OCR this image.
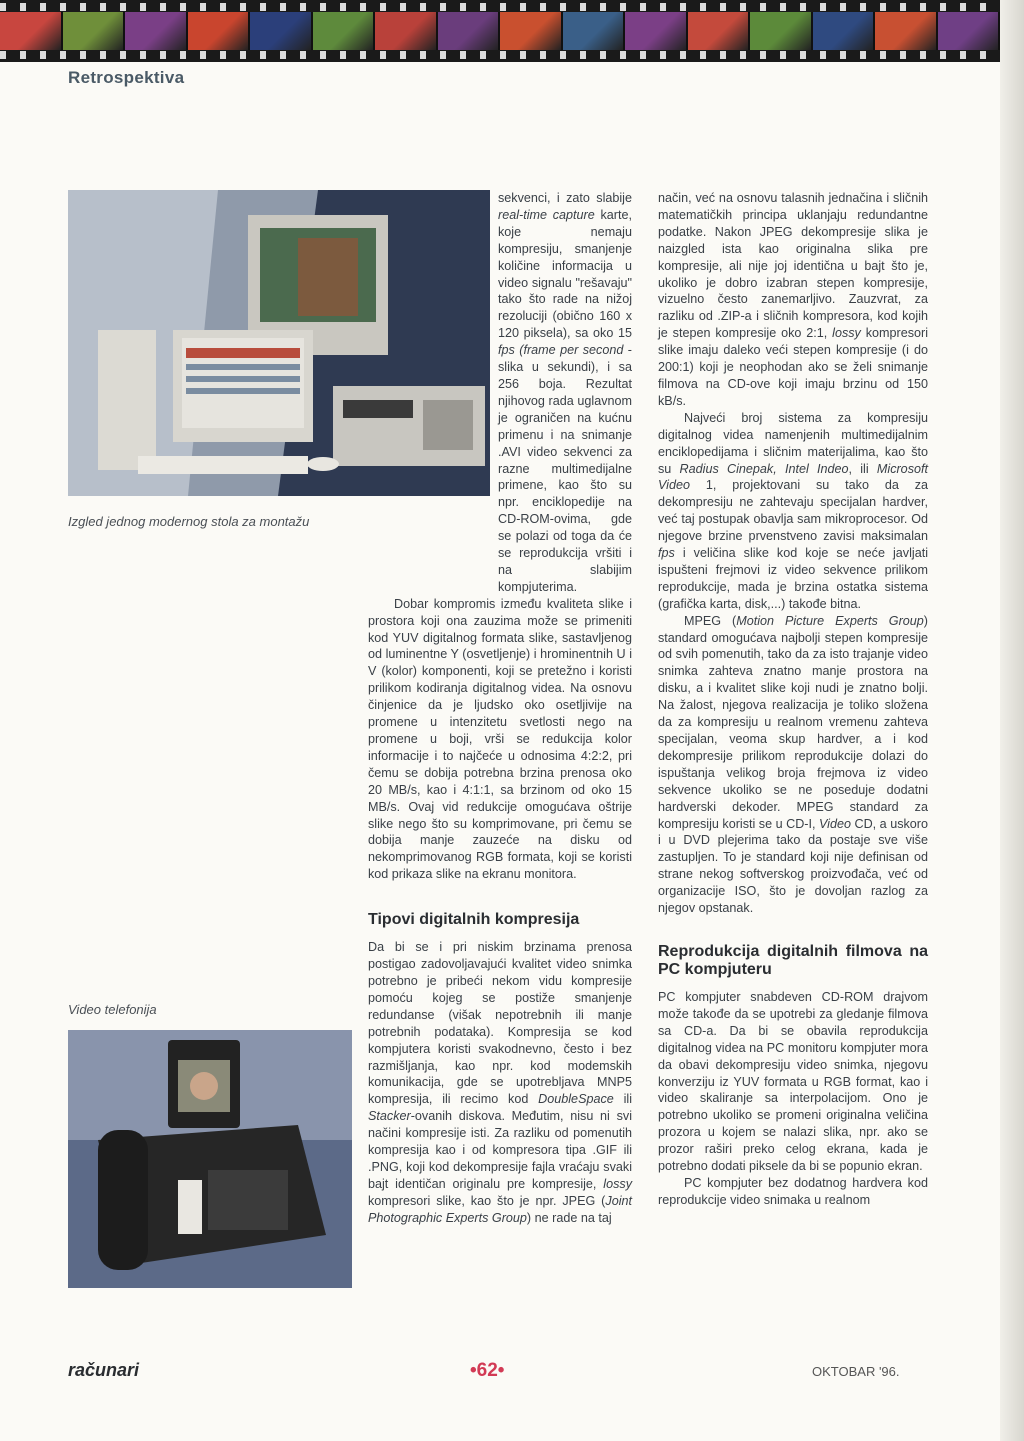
Retrospektiva
Izgled jednog modernog stola za montažu
Video telefonija

sekvenci, i zato slabije real-time capture karte, koje nemaju kompresiju, smanjenje količine informacija u video signalu "rešavaju" tako što rade na nižoj rezoluciji (obično 160 x 120 piksela), sa oko 15 fps (frame per second - slika u sekundi), i sa 256 boja. Rezultat njihovog rada uglavnom je ograničen na kućnu primenu i na snimanje .AVI video sekvenci za razne multimedijalne primene, kao što su npr. enciklopedije na CD-ROM-ovima, gde se polazi od toga da će se reprodukcija vršiti i na slabijim kompjuterima.

Dobar kompromis između kvaliteta slike i prostora koji ona zauzima može se primeniti kod YUV digitalnog formata slike, sastavljenog od luminentne Y (osvetljenje) i hrominentnih U i V (kolor) komponenti, koji se pretežno i koristi prilikom kodiranja digitalnog videa. Na osnovu činjenice da je ljudsko oko osetljivije na promene u intenzitetu svetlosti nego na promene u boji, vrši se redukcija kolor informacije i to najčeće u odnosima 4:2:2, pri čemu se dobija potrebna brzina prenosa oko 20 MB/s, kao i 4:1:1, sa brzinom od oko 15 MB/s. Ovaj vid redukcije omogućava oštrije slike nego što su komprimovane, pri čemu se dobija manje zauzeće na disku od nekomprimovanog RGB formata, koji se koristi kod prikaza slike na ekranu monitora.

Tipovi digitalnih kompresija

Da bi se i pri niskim brzinama prenosa postigao zadovoljavajući kvalitet video snimka potrebno je pribeći nekom vidu kompresije pomoću kojeg se postiže smanjenje redundanse (višak nepotrebnih ili manje potrebnih podataka). Kompresija se kod kompjutera koristi svakodnevno, često i bez razmišljanja, kao npr. kod modemskih komunikacija, gde se upotrebljava MNP5 kompresija, ili recimo kod DoubleSpace ili Stacker-ovanih diskova. Međutim, nisu ni svi načini kompresije isti. Za razliku od pomenutih kompresija kao i od kompresora tipa .GIF ili .PNG, koji kod dekompresije fajla vraćaju svaki bajt identičan originalu pre kompresije, lossy kompresori slike, kao što je npr. JPEG (Joint Photographic Experts Group) ne rade na taj

način, već na osnovu talasnih jednačina i sličnih matematičkih principa uklanjaju redundantne podatke. Nakon JPEG dekompresije slika je naizgled ista kao originalna slika pre kompresije, ali nije joj identična u bajt što je, ukoliko je dobro izabran stepen kompresije, vizuelno često zanemarljivo. Zauzvrat, za razliku od .ZIP-a i sličnih kompresora, kod kojih je stepen kompresije oko 2:1, lossy kompresori slike imaju daleko veći stepen kompresije (i do 200:1) koji je neophodan ako se želi snimanje filmova na CD-ove koji imaju brzinu od 150 kB/s.

Najveći broj sistema za kompresiju digitalnog videa namenjenih multimedijalnim enciklopedijama i sličnim materijalima, kao što su Radius Cinepak, Intel Indeo, ili Microsoft Video 1, projektovani su tako da za dekompresiju ne zahtevaju specijalan hardver, već taj postupak obavlja sam mikroprocesor. Od njegove brzine prvenstveno zavisi maksimalan fps i veličina slike kod koje se neće javljati ispušteni frejmovi iz video sekvence prilikom reprodukcije, mada je brzina ostatka sistema (grafička karta, disk,...) takođe bitna.

MPEG (Motion Picture Experts Group) standard omogućava najbolji stepen kompresije od svih pomenutih, tako da za isto trajanje video snimka zahteva znatno manje prostora na disku, a i kvalitet slike koji nudi je znatno bolji. Na žalost, njegova realizacija je toliko složena da za kompresiju u realnom vremenu zahteva specijalan, veoma skup hardver, a i kod dekompresije prilikom reprodukcije dolazi do ispuštanja velikog broja frejmova iz video sekvence ukoliko se ne poseduje dodatni hardverski dekoder. MPEG standard za kompresiju koristi se u CD-I, Video CD, a uskoro i u DVD plejerima tako da postaje sve više zastupljen. To je standard koji nije definisan od strane nekog softverskog proizvođača, već od organizacije ISO, što je dovoljan razlog za njegov opstanak.

Reprodukcija digitalnih filmova na PC kompjuteru

PC kompjuter snabdeven CD-ROM drajvom može takođe da se upotrebi za gledanje filmova sa CD-a. Da bi se obavila reprodukcija digitalnog videa na PC monitoru kompjuter mora da obavi dekompresiju video snimka, njegovu konverziju iz YUV formata u RGB format, kao i video skaliranje sa interpolacijom. Ono je potrebno ukoliko se promeni originalna veličina prozora u kojem se nalazi slika, npr. ako se prozor raširi preko celog ekrana, kada je potrebno dodati piksele da bi se popunio ekran.

PC kompjuter bez dodatnog hardvera kod reprodukcije video snimaka u realnom

računari	•62•	OKTOBAR '96.
